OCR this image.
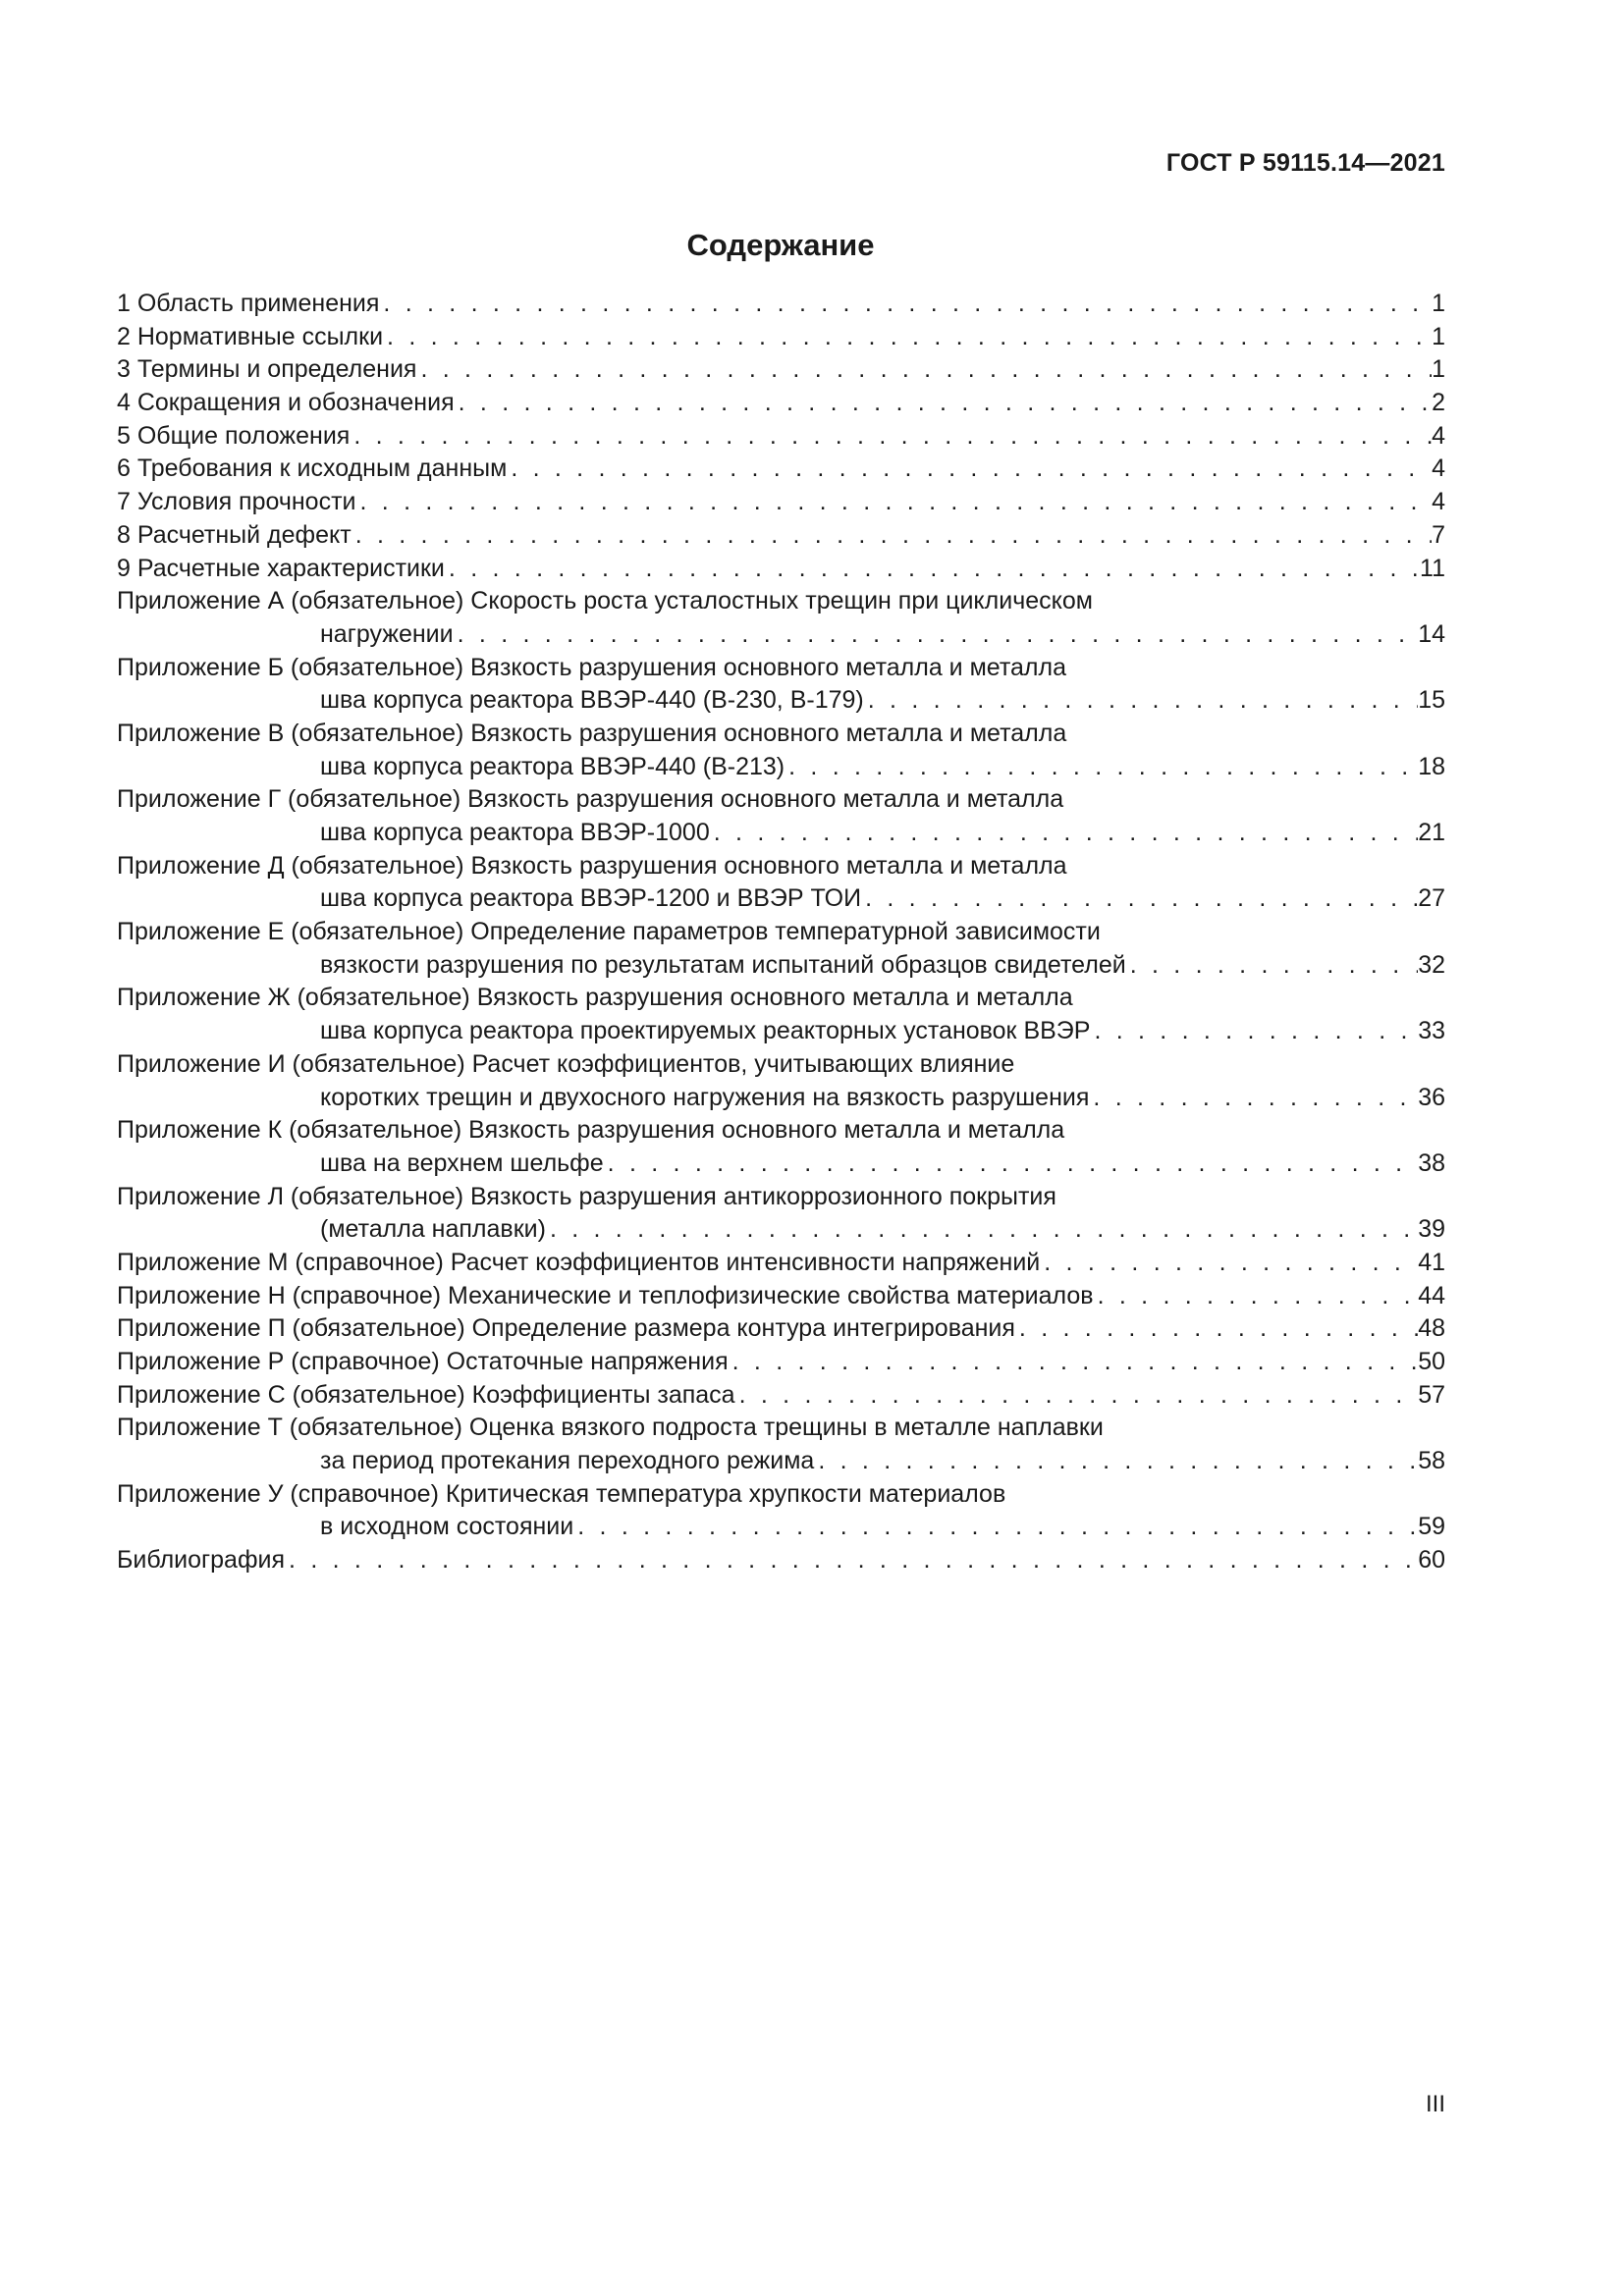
ГОСТ Р 59115.14—2021
Содержание
1 Область применения . . .	1
2 Нормативные ссылки . . .	1
3 Термины и определения . . .	1
4 Сокращения и обозначения . . .	2
5 Общие положения . . .	4
6 Требования к исходным данным . . .	4
7 Условия прочности . . .	4
8 Расчетный дефект . . .	7
9 Расчетные характеристики . . .	11
Приложение А (обязательное) Скорость роста усталостных трещин при циклическом
нагружении . . .	14
Приложение Б (обязательное) Вязкость разрушения основного металла и металла
шва корпуса реактора ВВЭР-440 (В-230, В-179) . . .	15
Приложение В (обязательное) Вязкость разрушения основного металла и металла
шва корпуса реактора ВВЭР-440 (В-213) . . .	18
Приложение Г (обязательное) Вязкость разрушения основного металла и металла
шва корпуса реактора ВВЭР-1000 . . .	21
Приложение Д (обязательное) Вязкость разрушения основного металла и металла
шва корпуса реактора ВВЭР-1200 и ВВЭР ТОИ . . .	27
Приложение Е (обязательное) Определение параметров температурной зависимости
вязкости разрушения по результатам испытаний образцов свидетелей . . .	32
Приложение Ж (обязательное) Вязкость разрушения основного металла и металла
шва корпуса реактора проектируемых реакторных установок ВВЭР . . .	33
Приложение И (обязательное) Расчет коэффициентов, учитывающих влияние
коротких трещин и двухосного нагружения на вязкость разрушения . . .	36
Приложение К (обязательное) Вязкость разрушения основного металла и металла
шва на верхнем шельфе . . .	38
Приложение Л (обязательное) Вязкость разрушения антикоррозионного покрытия
(металла наплавки) . . .	39
Приложение М (справочное) Расчет коэффициентов интенсивности напряжений . . .	41
Приложение Н (справочное) Механические и теплофизические свойства материалов . . .	44
Приложение П (обязательное) Определение размера контура интегрирования . . .	48
Приложение Р (справочное) Остаточные напряжения . . .	50
Приложение С (обязательное) Коэффициенты запаса . . .	57
Приложение Т (обязательное) Оценка вязкого подроста трещины в металле наплавки
за период протекания переходного режима . . .	58
Приложение У (справочное) Критическая температура хрупкости материалов
в исходном состоянии . . .	59
Библиография . . .	60
III
